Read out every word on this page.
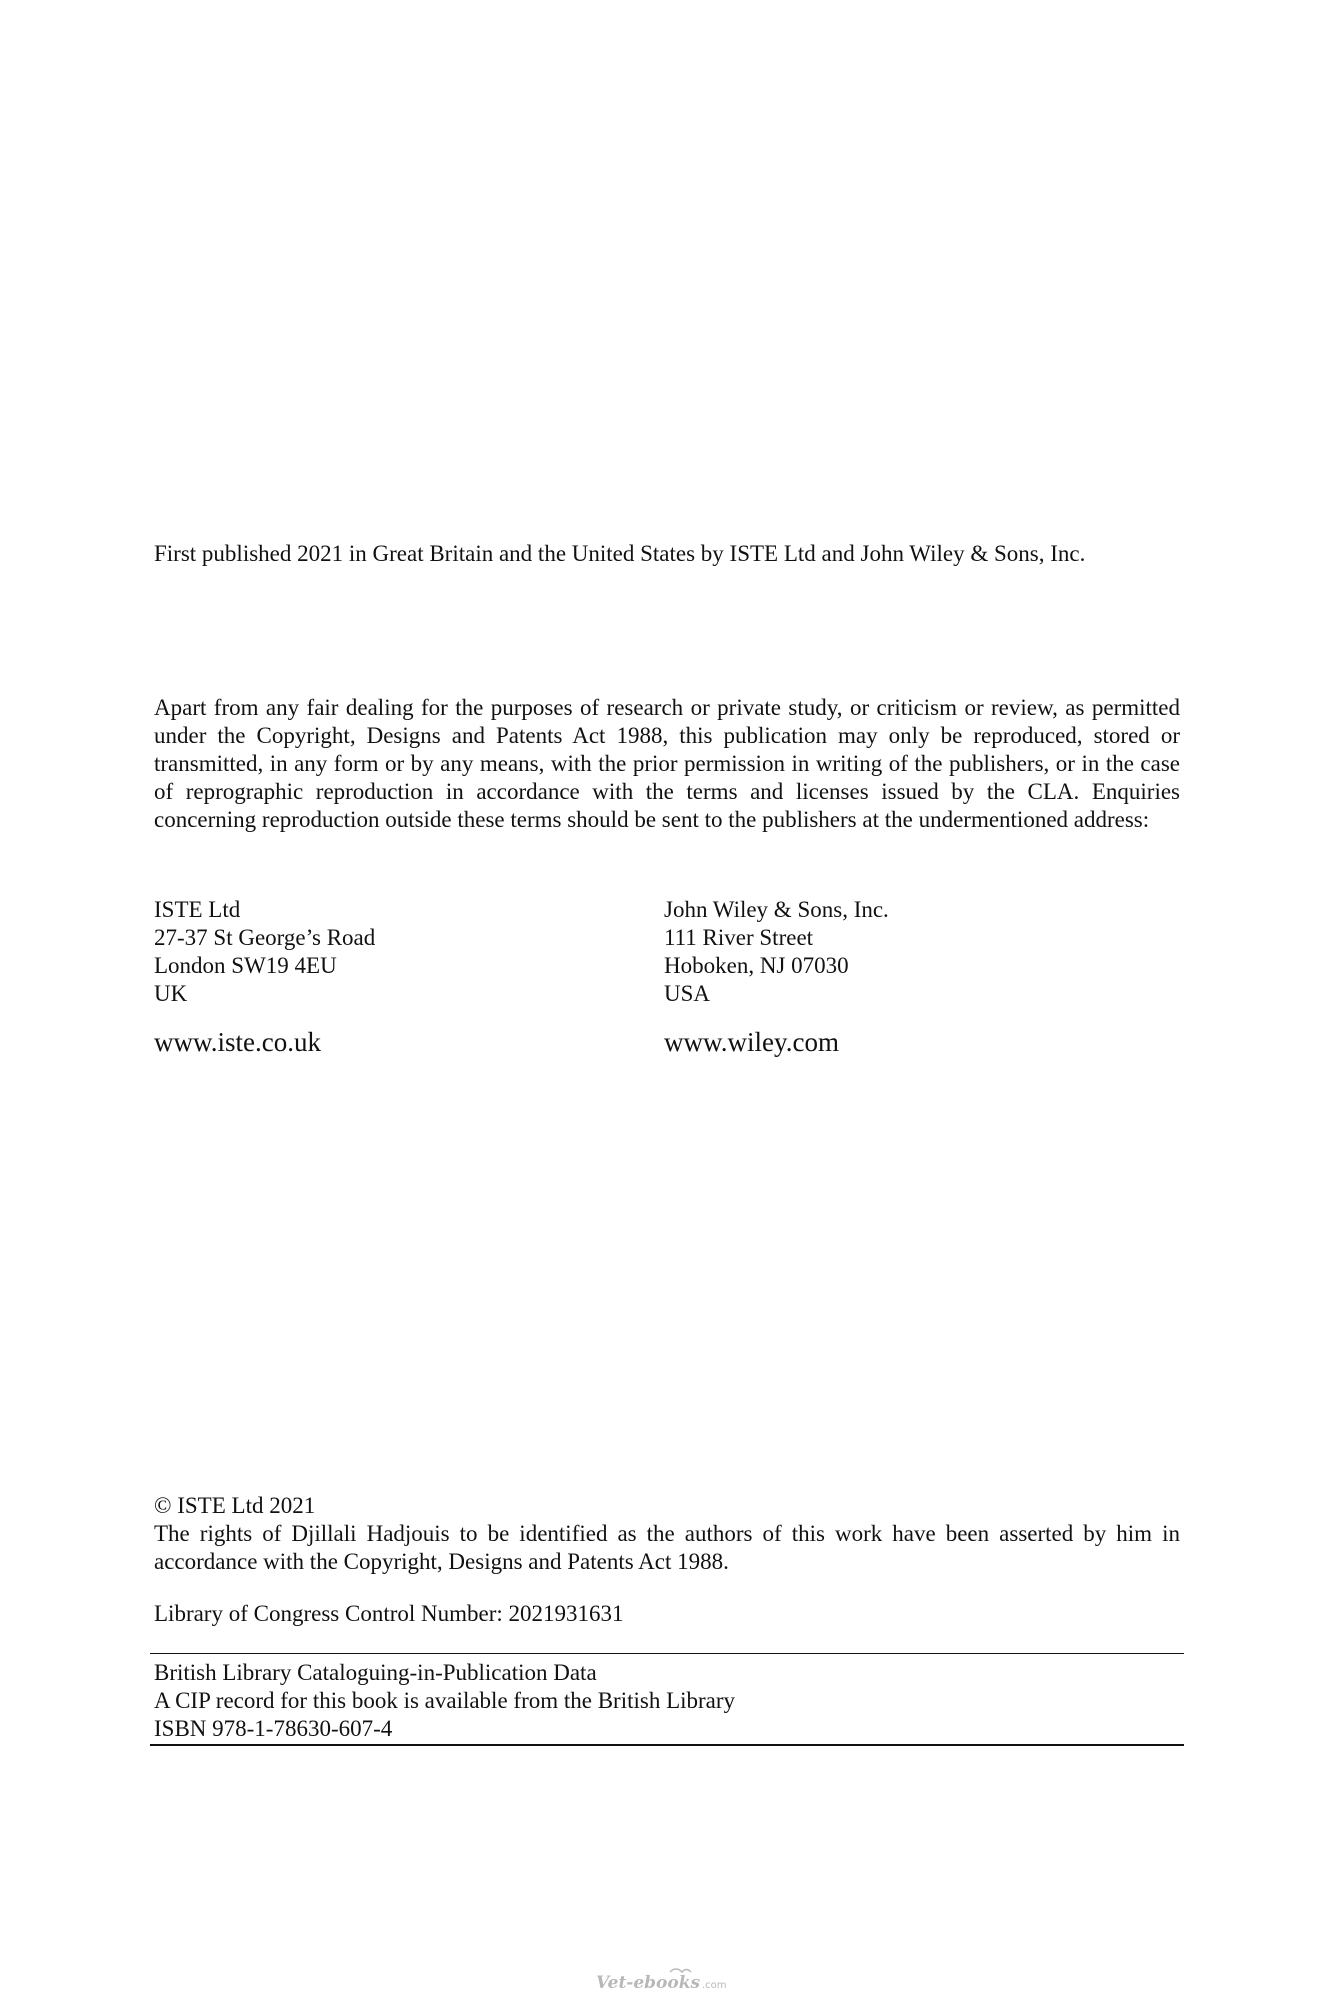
First published 2021 in Great Britain and the United States by ISTE Ltd and John Wiley & Sons, Inc.

Apart from any fair dealing for the purposes of research or private study, or criticism or review, as permitted under the Copyright, Designs and Patents Act 1988, this publication may only be reproduced, stored or transmitted, in any form or by any means, with the prior permission in writing of the publishers, or in the case of reprographic reproduction in accordance with the terms and licenses issued by the CLA. Enquiries concerning reproduction outside these terms should be sent to the publishers at the undermentioned address:

ISTE Ltd
27-37 St George’s Road
London SW19 4EU
UK
John Wiley & Sons, Inc.
111 River Street
Hoboken, NJ 07030
USA
www.iste.co.uk	www.wiley.com
© ISTE Ltd 2021

The rights of Djillali Hadjouis to be identified as the authors of this work have been asserted by him in accordance with the Copyright, Designs and Patents Act 1988.

Library of Congress Control Number: 2021931631
British Library Cataloguing-in-Publication Data
A CIP record for this book is available from the British Library
ISBN 978-1-78630-607-4
Vet-ebooks .com
